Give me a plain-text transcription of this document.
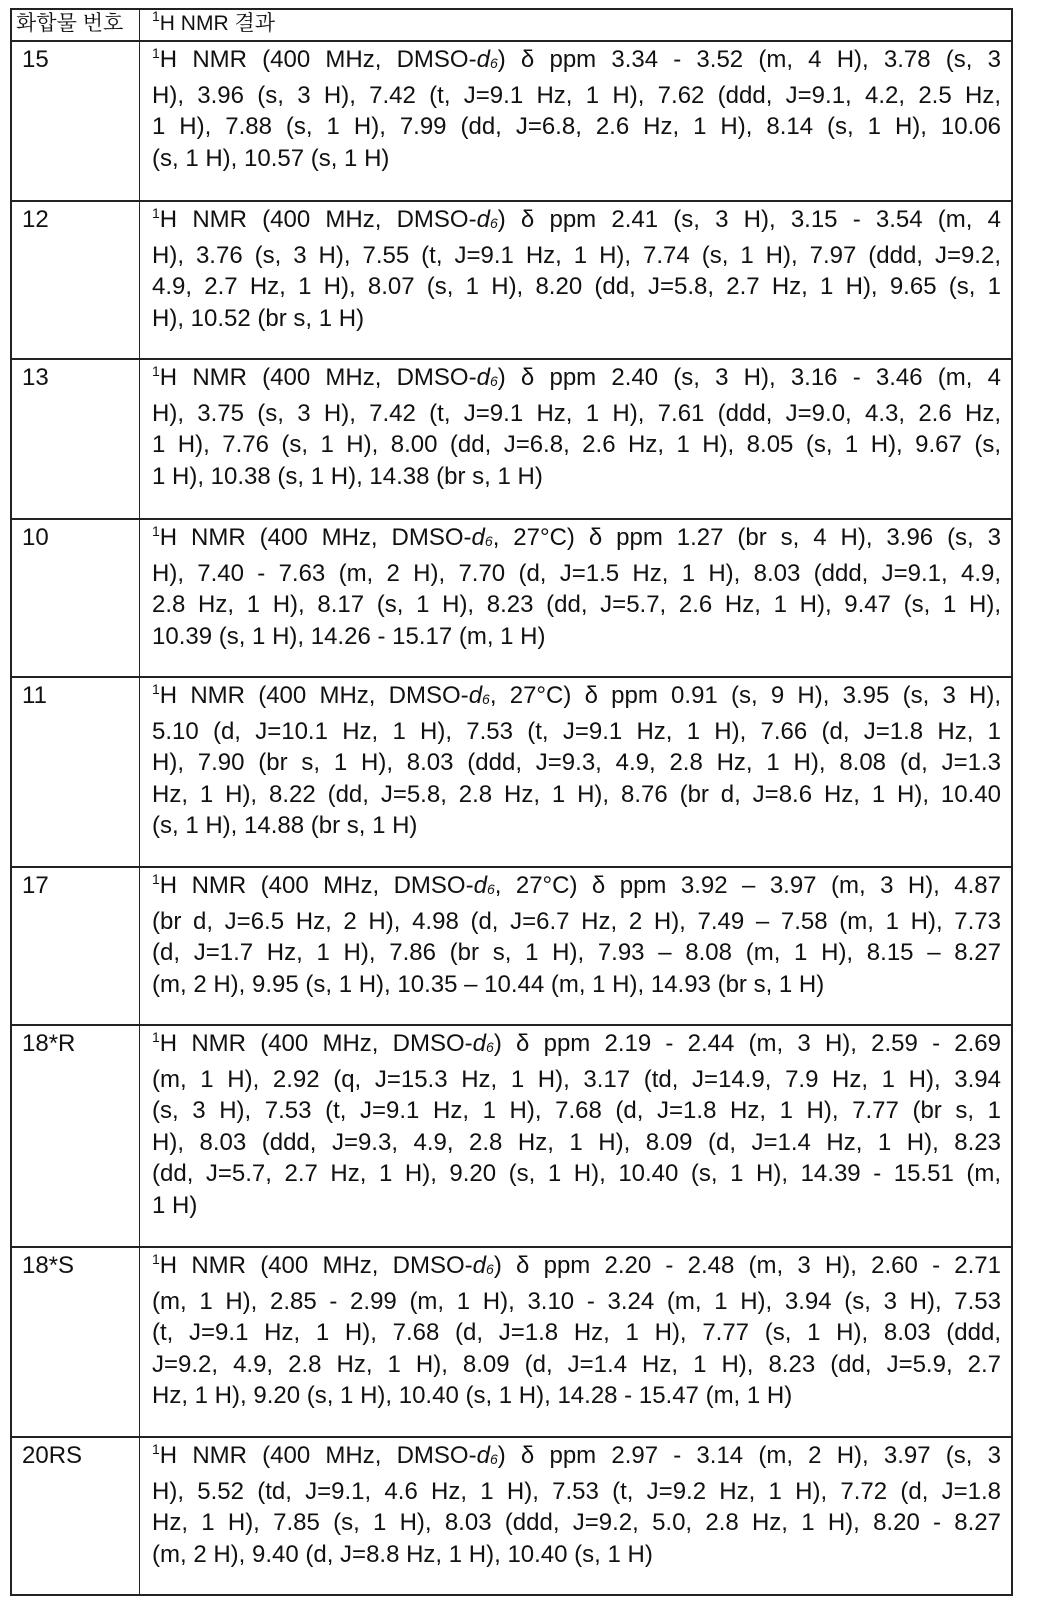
화합물 번호	1H NMR 결과
15	1H NMR (400 MHz, DMSO-d6) δ ppm 3.34 - 3.52 (m, 4 H), 3.78 (s, 3
H), 3.96 (s, 3 H), 7.42 (t, J=9.1 Hz, 1 H), 7.62 (ddd, J=9.1, 4.2, 2.5 Hz,
1 H), 7.88 (s, 1 H), 7.99 (dd, J=6.8, 2.6 Hz, 1 H), 8.14 (s, 1 H), 10.06
(s, 1 H), 10.57 (s, 1 H)
12	1H NMR (400 MHz, DMSO-d6) δ ppm 2.41 (s, 3 H), 3.15 - 3.54 (m, 4
H), 3.76 (s, 3 H), 7.55 (t, J=9.1 Hz, 1 H), 7.74 (s, 1 H), 7.97 (ddd, J=9.2,
4.9, 2.7 Hz, 1 H), 8.07 (s, 1 H), 8.20 (dd, J=5.8, 2.7 Hz, 1 H), 9.65 (s, 1
H), 10.52 (br s, 1 H)
13	1H NMR (400 MHz, DMSO-d6) δ ppm 2.40 (s, 3 H), 3.16 - 3.46 (m, 4
H), 3.75 (s, 3 H), 7.42 (t, J=9.1 Hz, 1 H), 7.61 (ddd, J=9.0, 4.3, 2.6 Hz,
1 H), 7.76 (s, 1 H), 8.00 (dd, J=6.8, 2.6 Hz, 1 H), 8.05 (s, 1 H), 9.67 (s,
1 H), 10.38 (s, 1 H), 14.38 (br s, 1 H)
10	1H NMR (400 MHz, DMSO-d6, 27°C) δ ppm 1.27 (br s, 4 H), 3.96 (s, 3
H), 7.40 - 7.63 (m, 2 H), 7.70 (d, J=1.5 Hz, 1 H), 8.03 (ddd, J=9.1, 4.9,
2.8 Hz, 1 H), 8.17 (s, 1 H), 8.23 (dd, J=5.7, 2.6 Hz, 1 H), 9.47 (s, 1 H),
10.39 (s, 1 H), 14.26 - 15.17 (m, 1 H)
11	1H NMR (400 MHz, DMSO-d6, 27°C) δ ppm 0.91 (s, 9 H), 3.95 (s, 3 H),
5.10 (d, J=10.1 Hz, 1 H), 7.53 (t, J=9.1 Hz, 1 H), 7.66 (d, J=1.8 Hz, 1
H), 7.90 (br s, 1 H), 8.03 (ddd, J=9.3, 4.9, 2.8 Hz, 1 H), 8.08 (d, J=1.3
Hz, 1 H), 8.22 (dd, J=5.8, 2.8 Hz, 1 H), 8.76 (br d, J=8.6 Hz, 1 H), 10.40
(s, 1 H), 14.88 (br s, 1 H)
17	1H NMR (400 MHz, DMSO-d6, 27°C) δ ppm 3.92 – 3.97 (m, 3 H), 4.87
(br d, J=6.5 Hz, 2 H), 4.98 (d, J=6.7 Hz, 2 H), 7.49 – 7.58 (m, 1 H), 7.73
(d, J=1.7 Hz, 1 H), 7.86 (br s, 1 H), 7.93 – 8.08 (m, 1 H), 8.15 – 8.27
(m, 2 H), 9.95 (s, 1 H), 10.35 – 10.44 (m, 1 H), 14.93 (br s, 1 H)
18*R	1H NMR (400 MHz, DMSO-d6) δ ppm 2.19 - 2.44 (m, 3 H), 2.59 - 2.69
(m, 1 H), 2.92 (q, J=15.3 Hz, 1 H), 3.17 (td, J=14.9, 7.9 Hz, 1 H), 3.94
(s, 3 H), 7.53 (t, J=9.1 Hz, 1 H), 7.68 (d, J=1.8 Hz, 1 H), 7.77 (br s, 1
H), 8.03 (ddd, J=9.3, 4.9, 2.8 Hz, 1 H), 8.09 (d, J=1.4 Hz, 1 H), 8.23
(dd, J=5.7, 2.7 Hz, 1 H), 9.20 (s, 1 H), 10.40 (s, 1 H), 14.39 - 15.51 (m,
1 H)
18*S	1H NMR (400 MHz, DMSO-d6) δ ppm 2.20 - 2.48 (m, 3 H), 2.60 - 2.71
(m, 1 H), 2.85 - 2.99 (m, 1 H), 3.10 - 3.24 (m, 1 H), 3.94 (s, 3 H), 7.53
(t, J=9.1 Hz, 1 H), 7.68 (d, J=1.8 Hz, 1 H), 7.77 (s, 1 H), 8.03 (ddd,
J=9.2, 4.9, 2.8 Hz, 1 H), 8.09 (d, J=1.4 Hz, 1 H), 8.23 (dd, J=5.9, 2.7
Hz, 1 H), 9.20 (s, 1 H), 10.40 (s, 1 H), 14.28 - 15.47 (m, 1 H)
20RS	1H NMR (400 MHz, DMSO-d6) δ ppm 2.97 - 3.14 (m, 2 H), 3.97 (s, 3
H), 5.52 (td, J=9.1, 4.6 Hz, 1 H), 7.53 (t, J=9.2 Hz, 1 H), 7.72 (d, J=1.8
Hz, 1 H), 7.85 (s, 1 H), 8.03 (ddd, J=9.2, 5.0, 2.8 Hz, 1 H), 8.20 - 8.27
(m, 2 H), 9.40 (d, J=8.8 Hz, 1 H), 10.40 (s, 1 H)
